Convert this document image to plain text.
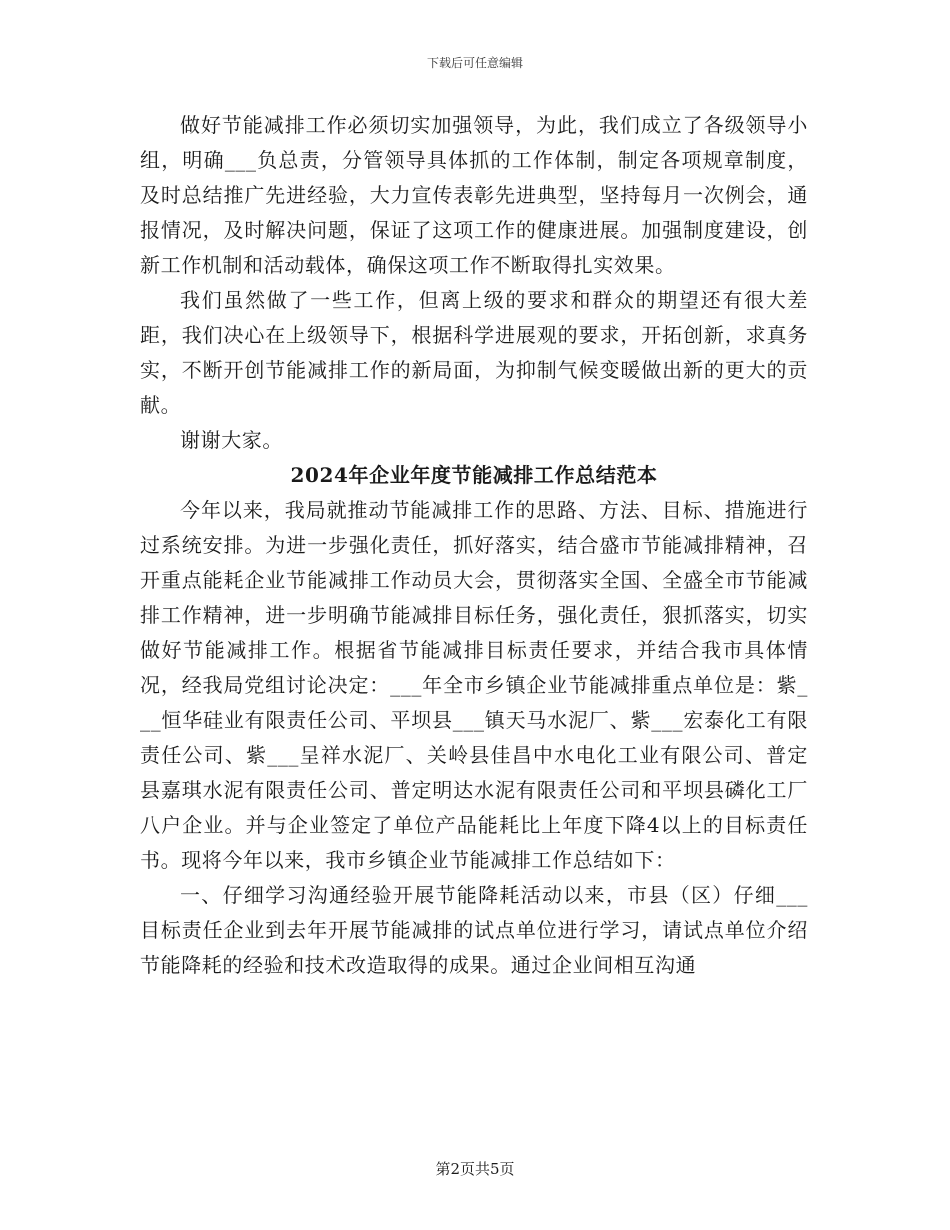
下载后可任意编辑

做好节能减排工作必须切实加强领导，为此，我们成立了各级领导小组，明确___负总责，分管领导具体抓的工作体制，制定各项规章制度，及时总结推广先进经验，大力宣传表彰先进典型，坚持每月一次例会，通报情况，及时解决问题，保证了这项工作的健康进展。加强制度建设，创新工作机制和活动载体，确保这项工作不断取得扎实效果。

我们虽然做了一些工作，但离上级的要求和群众的期望还有很大差距，我们决心在上级领导下，根据科学进展观的要求，开拓创新，求真务实，不断开创节能减排工作的新局面，为抑制气候变暖做出新的更大的贡献。

谢谢大家。

2024年企业年度节能减排工作总结范本

今年以来，我局就推动节能减排工作的思路、方法、目标、措施进行过系统安排。为进一步强化责任，抓好落实，结合盛市节能减排精神，召开重点能耗企业节能减排工作动员大会，贯彻落实全国、全盛全市节能减排工作精神，进一步明确节能减排目标任务，强化责任，狠抓落实，切实做好节能减排工作。根据省节能减排目标责任要求，并结合我市具体情况，经我局党组讨论决定：___年全市乡镇企业节能减排重点单位是：紫___恒华硅业有限责任公司、平坝县___镇天马水泥厂、紫___宏泰化工有限责任公司、紫___呈祥水泥厂、关岭县佳昌中水电化工业有限公司、普定县嘉琪水泥有限责任公司、普定明达水泥有限责任公司和平坝县磷化工厂八户企业。并与企业签定了单位产品能耗比上年度下降4以上的目标责任书。现将今年以来，我市乡镇企业节能减排工作总结如下：

一、仔细学习沟通经验开展节能降耗活动以来，市县（区）仔细___目标责任企业到去年开展节能减排的试点单位进行学习，请试点单位介绍节能降耗的经验和技术改造取得的成果。通过企业间相互沟通

第2页共5页
